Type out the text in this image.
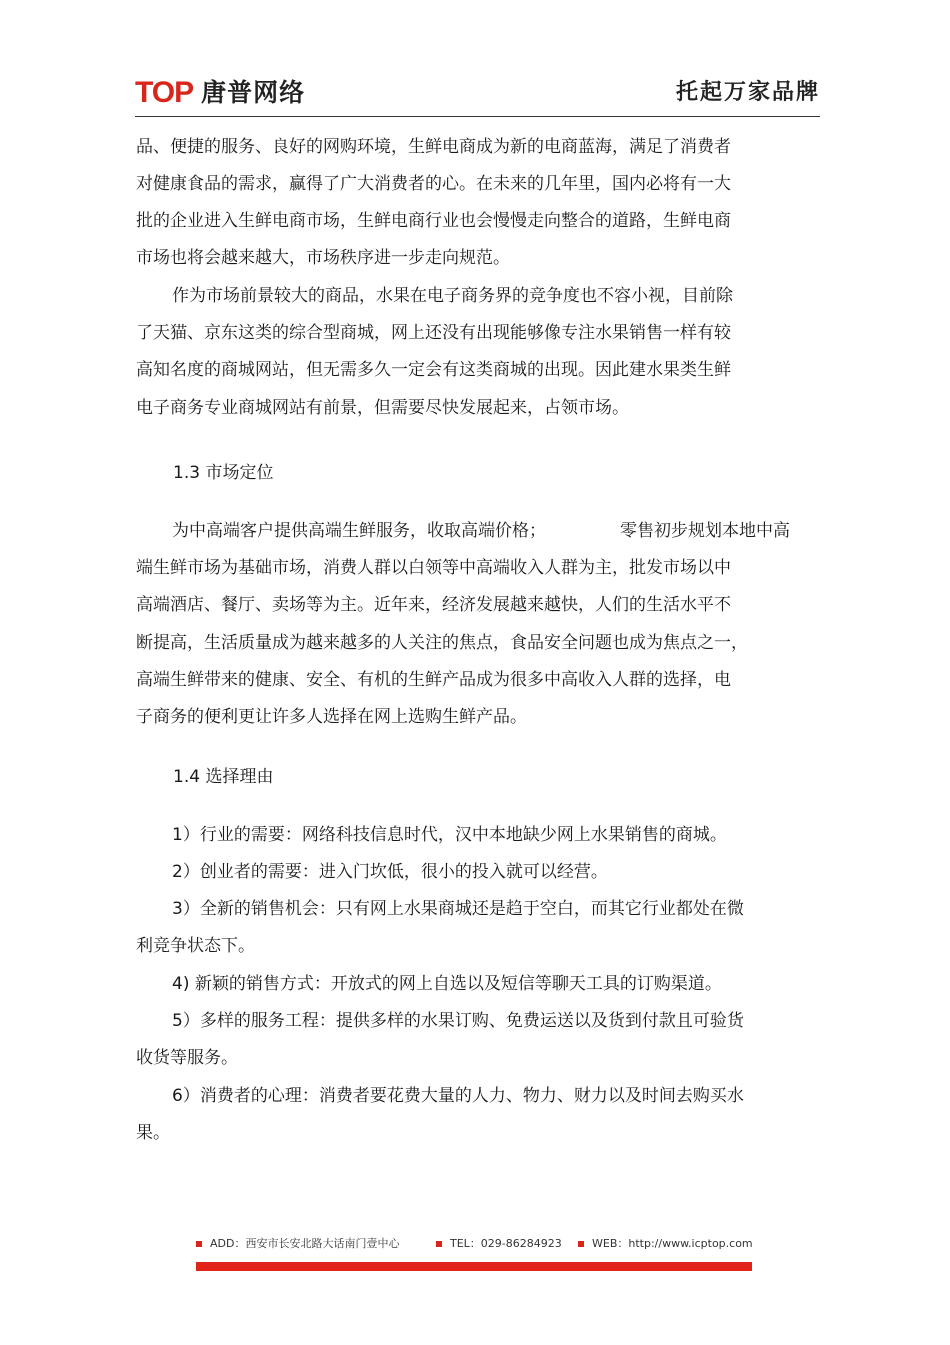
TOP 唐普网络	托起万家品牌
品、便捷的服务、良好的网购环境，生鲜电商成为新的电商蓝海，满足了消费者
对健康食品的需求，赢得了广大消费者的心。在未来的几年里，国内必将有一大
批的企业进入生鲜电商市场，生鲜电商行业也会慢慢走向整合的道路，生鲜电商
市场也将会越来越大，市场秩序进一步走向规范。
作为市场前景较大的商品，水果在电子商务界的竞争度也不容小视，目前除
了天猫、京东这类的综合型商城，网上还没有出现能够像专注水果销售一样有较
高知名度的商城网站，但无需多久一定会有这类商城的出现。因此建水果类生鲜
电子商务专业商城网站有前景，但需要尽快发展起来，占领市场。
1.3 市场定位
为中高端客户提供高端生鲜服务，收取高端价格；	零售初步规划本地中高
端生鲜市场为基础市场，消费人群以白领等中高端收入人群为主，批发市场以中
高端酒店、餐厅、卖场等为主。近年来，经济发展越来越快，人们的生活水平不
断提高，生活质量成为越来越多的人关注的焦点，食品安全问题也成为焦点之一，
高端生鲜带来的健康、安全、有机的生鲜产品成为很多中高收入人群的选择，电
子商务的便利更让许多人选择在网上选购生鲜产品。
1.4 选择理由
1）行业的需要：网络科技信息时代，汉中本地缺少网上水果销售的商城。
2）创业者的需要：进入门坎低，很小的投入就可以经营。
3）全新的销售机会：只有网上水果商城还是趋于空白，而其它行业都处在微
利竞争状态下。
4) 新颖的销售方式：开放式的网上自选以及短信等聊天工具的订购渠道。
5）多样的服务工程：提供多样的水果订购、免费运送以及货到付款且可验货
收货等服务。
6）消费者的心理：消费者要花费大量的人力、物力、财力以及时间去购买水
果。
ADD：西安市长安北路大话南门壹中心	TEL：029-86284923	WEB：http://www.icptop.com
